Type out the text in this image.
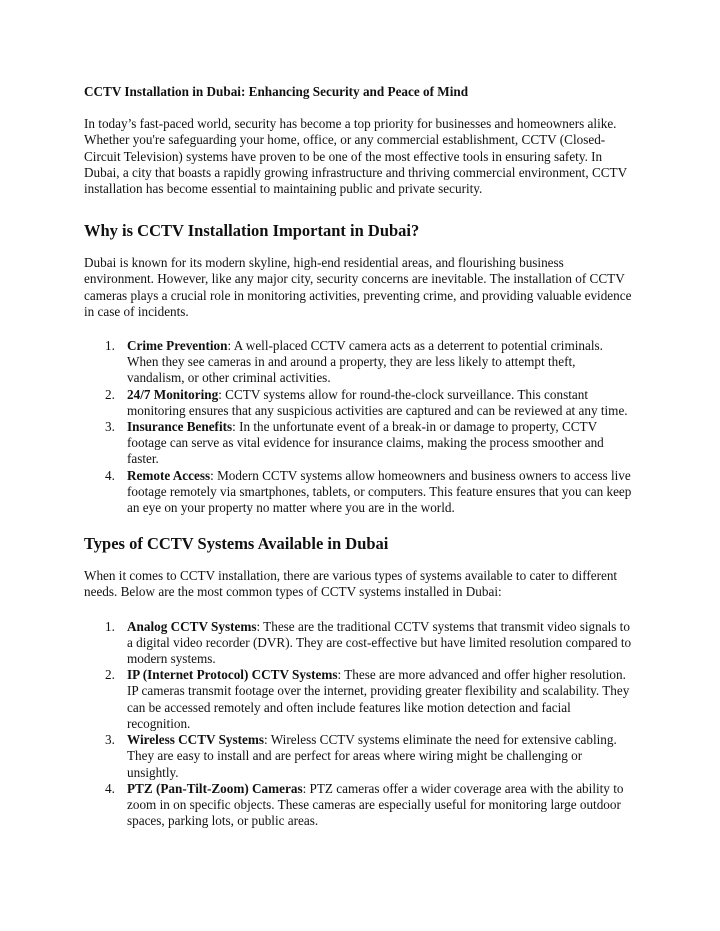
CCTV Installation in Dubai: Enhancing Security and Peace of Mind

In today’s fast-paced world, security has become a top priority for businesses and homeowners alike. Whether you're safeguarding your home, office, or any commercial establishment, CCTV (Closed-Circuit Television) systems have proven to be one of the most effective tools in ensuring safety. In Dubai, a city that boasts a rapidly growing infrastructure and thriving commercial environment, CCTV installation has become essential to maintaining public and private security.

Why is CCTV Installation Important in Dubai?

Dubai is known for its modern skyline, high-end residential areas, and flourishing business environment. However, like any major city, security concerns are inevitable. The installation of CCTV cameras plays a crucial role in monitoring activities, preventing crime, and providing valuable evidence in case of incidents.

1. Crime Prevention: A well-placed CCTV camera acts as a deterrent to potential criminals. When they see cameras in and around a property, they are less likely to attempt theft, vandalism, or other criminal activities.
2. 24/7 Monitoring: CCTV systems allow for round-the-clock surveillance. This constant monitoring ensures that any suspicious activities are captured and can be reviewed at any time.
3. Insurance Benefits: In the unfortunate event of a break-in or damage to property, CCTV footage can serve as vital evidence for insurance claims, making the process smoother and faster.
4. Remote Access: Modern CCTV systems allow homeowners and business owners to access live footage remotely via smartphones, tablets, or computers. This feature ensures that you can keep an eye on your property no matter where you are in the world.
Types of CCTV Systems Available in Dubai

When it comes to CCTV installation, there are various types of systems available to cater to different needs. Below are the most common types of CCTV systems installed in Dubai:

1. Analog CCTV Systems: These are the traditional CCTV systems that transmit video signals to a digital video recorder (DVR). They are cost-effective but have limited resolution compared to modern systems.
2. IP (Internet Protocol) CCTV Systems: These are more advanced and offer higher resolution. IP cameras transmit footage over the internet, providing greater flexibility and scalability. They can be accessed remotely and often include features like motion detection and facial recognition.
3. Wireless CCTV Systems: Wireless CCTV systems eliminate the need for extensive cabling. They are easy to install and are perfect for areas where wiring might be challenging or unsightly.
4. PTZ (Pan-Tilt-Zoom) Cameras: PTZ cameras offer a wider coverage area with the ability to zoom in on specific objects. These cameras are especially useful for monitoring large outdoor spaces, parking lots, or public areas.
